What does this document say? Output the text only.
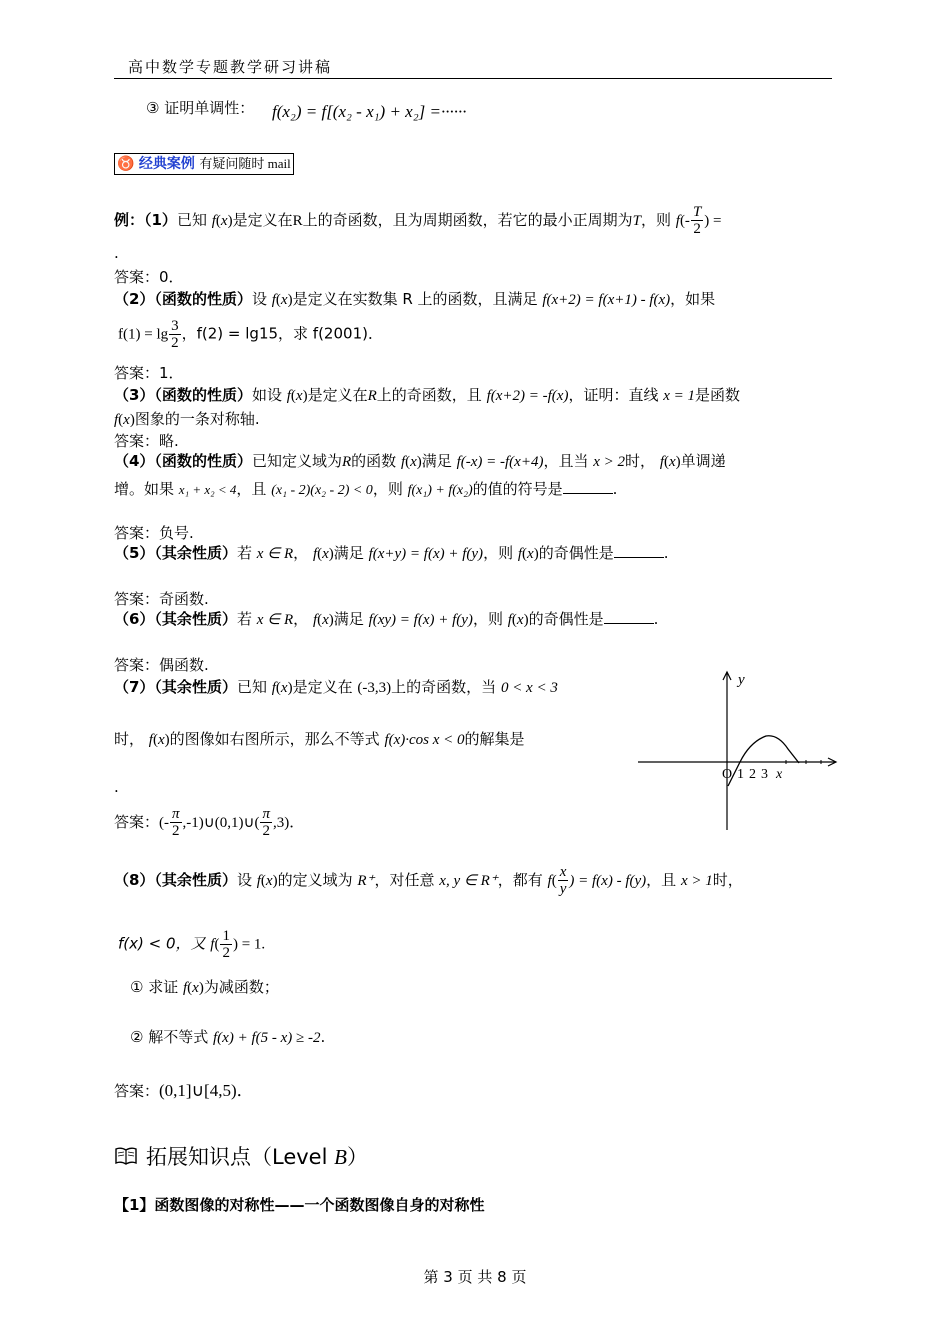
高中数学专题教学研习讲稿
③ 证明单调性： f(x₂) = f[(x₂ - x₁) + x₂] =······
♉ 经典案例 有疑问随时 mail
例：（1）已知 f(x)是定义在R上的奇函数，且为周期函数，若它的最小正周期为T，则 $f(- \frac{T}{2}$ ) =
.
答案：0．
（2）（函数的性质）设 f(x)是定义在实数集 R 上的函数，且满足 f(x+2) = f(x+1) - f(x)，如果
$f(1) = \lg \frac{3}{2}$ ，f(2) = lg15，求 f(2001)．
答案：1．
（3）（函数的性质）如设 f(x)是定义在R上的奇函数，且 f(x+2) = -f(x)，证明：直线 x = 1是函数
f(x)图象的一条对称轴.
答案：略.
（4）（函数的性质）已知定义域为R的函数 f(x)满足 f(-x) = -f(x+4)，且当 x > 2时， f(x)单调递
增。如果 x₁ + x₂ < 4，且 (x₁ - 2)(x₂ - 2) < 0，则 f(x₁) + f(x₂)的值的符号是	.
答案：负号.
（5）（其余性质）若 x ∈ R， f(x)满足 f(x+y) = f(x) + f(y)，则 f(x)的奇偶性是	.
答案：奇函数.
（6）（其余性质）若 x ∈ R， f(x)满足 f(xy) = f(x) + f(y)，则 f(x)的奇偶性是	.
答案：偶函数.
（7）（其余性质）已知 f(x)是定义在 (-3,3)上的奇函数，当 0 < x < 3
时， f(x)的图像如右图所示，那么不等式 f(x)·cos x < 0的解集是
.
答案：(- $\frac{\pi}{2}$ ,-1)∪(0,1)∪( $\frac{\pi}{2} ,3$)．
y
O 1 2 3 x
（8）（其余性质）设 f(x)的定义域为 R⁺，对任意 x, y ∈ R⁺，都有 $f( \frac{x}{y}$ ) = f(x) - f(y)，且 x > 1时，
f(x) < 0，又 $f( \frac{1}{2}$ ) = 1.
① 求证 f(x)为减函数；
② 解不等式 f(x) + f(5 - x) ≥ -2.
答案：(0,1]∪[4,5)．
拓展知识点（Level B）
【1】函数图像的对称性——一个函数图像自身的对称性
第 3 页 共 8 页
